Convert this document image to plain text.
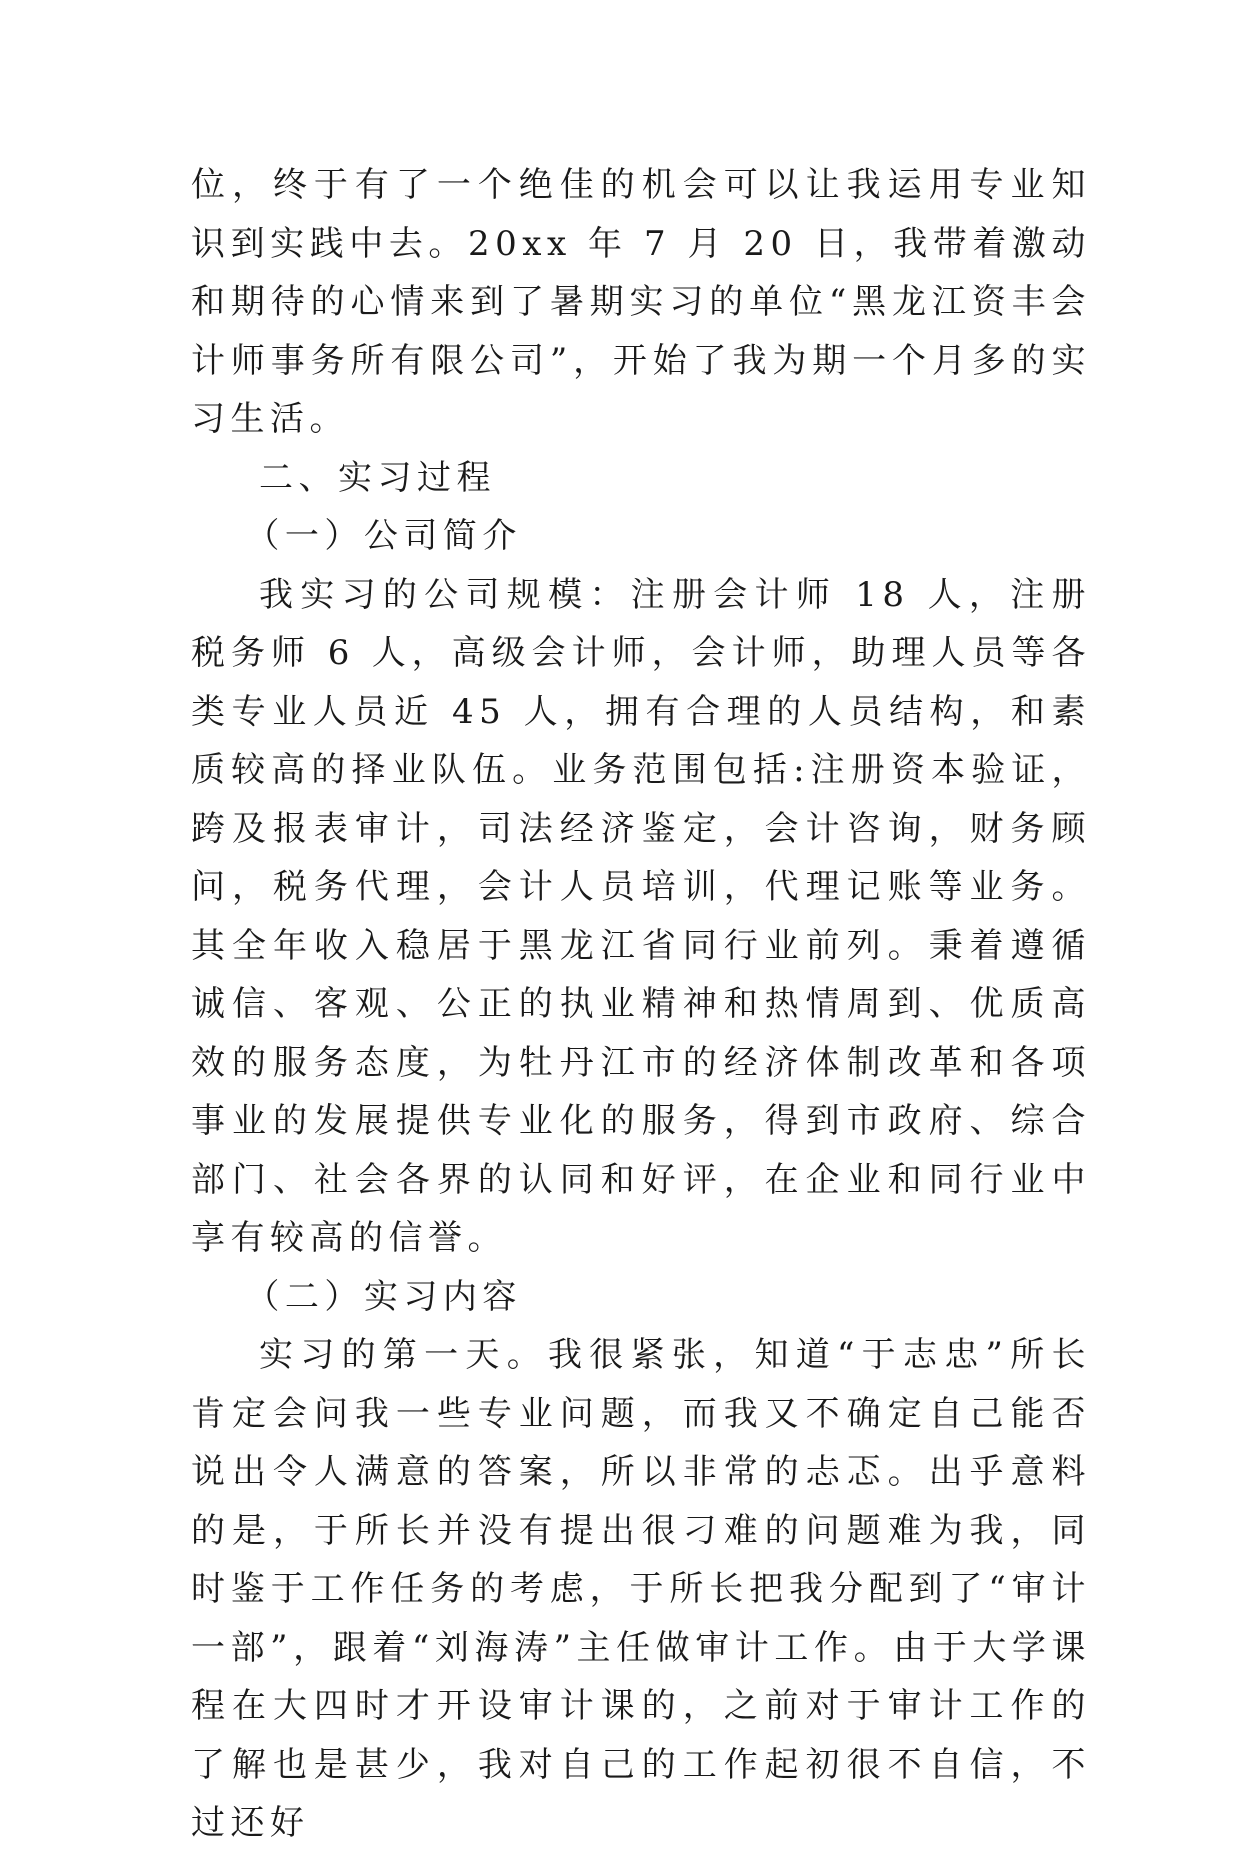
位，终于有了一个绝佳的机会可以让我运用专业知识到实践中去。20xx 年 7 月 20 日，我带着激动和期待的心情来到了暑期实习的单位“黑龙江资丰会计师事务所有限公司”，开始了我为期一个月多的实习生活。

二、实习过程

（一）公司简介

我实习的公司规模：注册会计师 18 人，注册税务师 6 人，高级会计师，会计师，助理人员等各类专业人员近 45 人，拥有合理的人员结构，和素质较高的择业队伍。业务范围包括:注册资本验证，跨及报表审计，司法经济鉴定，会计咨询，财务顾问，税务代理，会计人员培训，代理记账等业务。其全年收入稳居于黑龙江省同行业前列。秉着遵循诚信、客观、公正的执业精神和热情周到、优质高效的服务态度，为牡丹江市的经济体制改革和各项事业的发展提供专业化的服务，得到市政府、综合部门、社会各界的认同和好评，在企业和同行业中享有较高的信誉。

（二）实习内容

实习的第一天。我很紧张，知道“于志忠”所长肯定会问我一些专业问题，而我又不确定自己能否说出令人满意的答案，所以非常的忐忑。出乎意料的是，于所长并没有提出很刁难的问题难为我，同时鉴于工作任务的考虑，于所长把我分配到了“审计一部”，跟着“刘海涛”主任做审计工作。由于大学课程在大四时才开设审计课的，之前对于审计工作的了解也是甚少，我对自己的工作起初很不自信，不过还好
